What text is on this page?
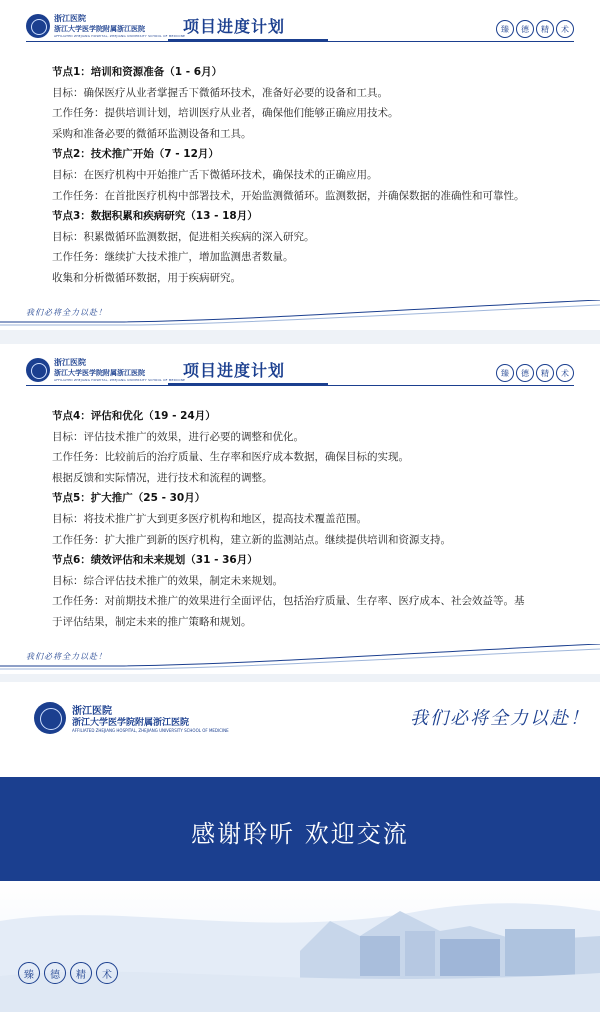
浙江医院
浙江大学医学院附属浙江医院
AFFILIATED ZHEJIANG HOSPITAL, ZHEJIANG UNIVERSITY SCHOOL OF MEDICINE
项目进度计划	臻	德	精	术

节点1：培训和资源准备（1 - 6月）

目标：确保医疗从业者掌握舌下微循环技术，准备好必要的设备和工具。

工作任务：提供培训计划，培训医疗从业者，确保他们能够正确应用技术。

采购和准备必要的微循环监测设备和工具。

节点2：技术推广开始（7 - 12月）

目标：在医疗机构中开始推广舌下微循环技术，确保技术的正确应用。

工作任务：在首批医疗机构中部署技术，开始监测微循环。监测数据，并确保数据的准确性和可靠性。

节点3：数据积累和疾病研究（13 - 18月）

目标：积累微循环监测数据，促进相关疾病的深入研究。

工作任务：继续扩大技术推广，增加监测患者数量。

收集和分析微循环数据，用于疾病研究。

我们必将全力以赴！
浙江医院
浙江大学医学院附属浙江医院
AFFILIATED ZHEJIANG HOSPITAL, ZHEJIANG UNIVERSITY SCHOOL OF MEDICINE
项目进度计划	臻	德	精	术

节点4：评估和优化（19 - 24月）

目标：评估技术推广的效果，进行必要的调整和优化。

工作任务：比较前后的治疗质量、生存率和医疗成本数据，确保目标的实现。

根据反馈和实际情况，进行技术和流程的调整。

节点5：扩大推广（25 - 30月）

目标：将技术推广扩大到更多医疗机构和地区，提高技术覆盖范围。

工作任务：扩大推广到新的医疗机构，建立新的监测站点。继续提供培训和资源支持。

节点6：绩效评估和未来规划（31 - 36月）

目标：综合评估技术推广的效果，制定未来规划。

工作任务：对前期技术推广的效果进行全面评估，包括治疗质量、生存率、医疗成本、社会效益等。基

于评估结果，制定未来的推广策略和规划。

我们必将全力以赴！
浙江医院
浙江大学医学院附属浙江医院
AFFILIATED ZHEJIANG HOSPITAL, ZHEJIANG UNIVERSITY SCHOOL OF MEDICINE
我们必将全力以赴！
感谢聆听 欢迎交流
臻	德	精	术
